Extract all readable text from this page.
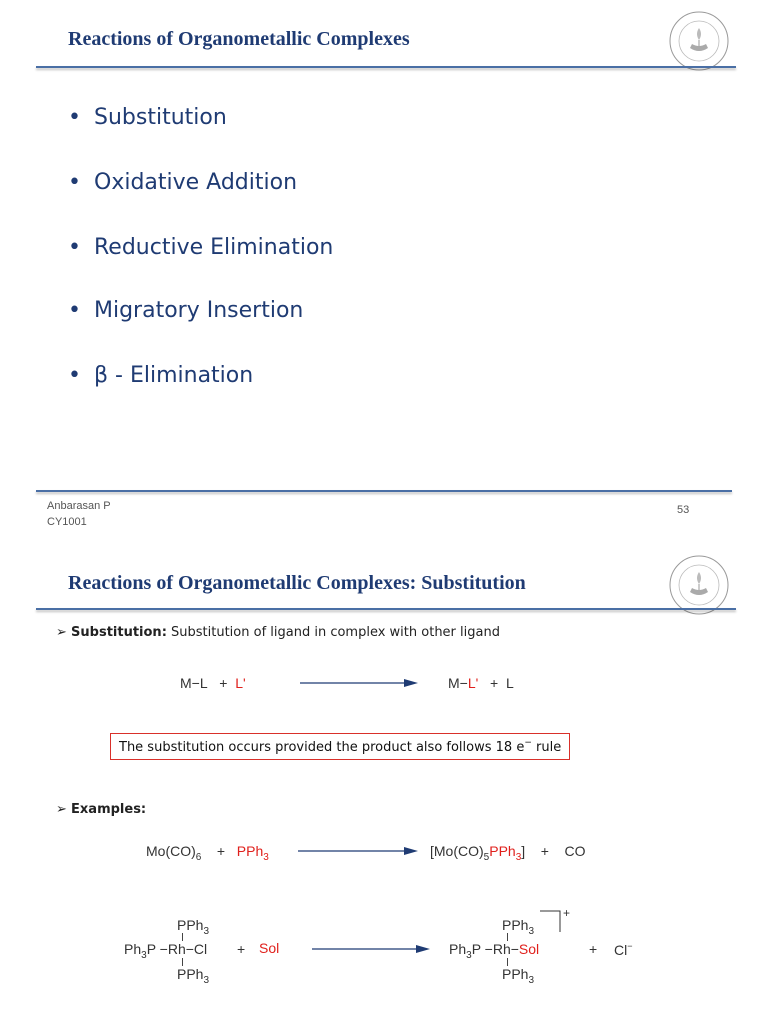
Reactions of Organometallic Complexes
• Substitution
• Oxidative Addition
• Reductive Elimination
• Migratory Insertion
• β - Elimination
Anbarasan P
CY1001
53
Reactions of Organometallic Complexes: Substitution
➢ Substitution: Substitution of ligand in complex with other ligand
M−L + L'	M−L' + L
The substitution occurs provided the product also follows 18 e− rule
➢ Examples:
$Mo(CO)_6 + PPh_3$	$[Mo(CO)_5PPh_3]$ + CO
PPh$_3$
$Ph_3P -Rh-Cl$
PPh$_3$
+ Sol
PPh$_3$
$Ph_3P -Rh-Sol$
PPh$_3$
+
+ Cl−
